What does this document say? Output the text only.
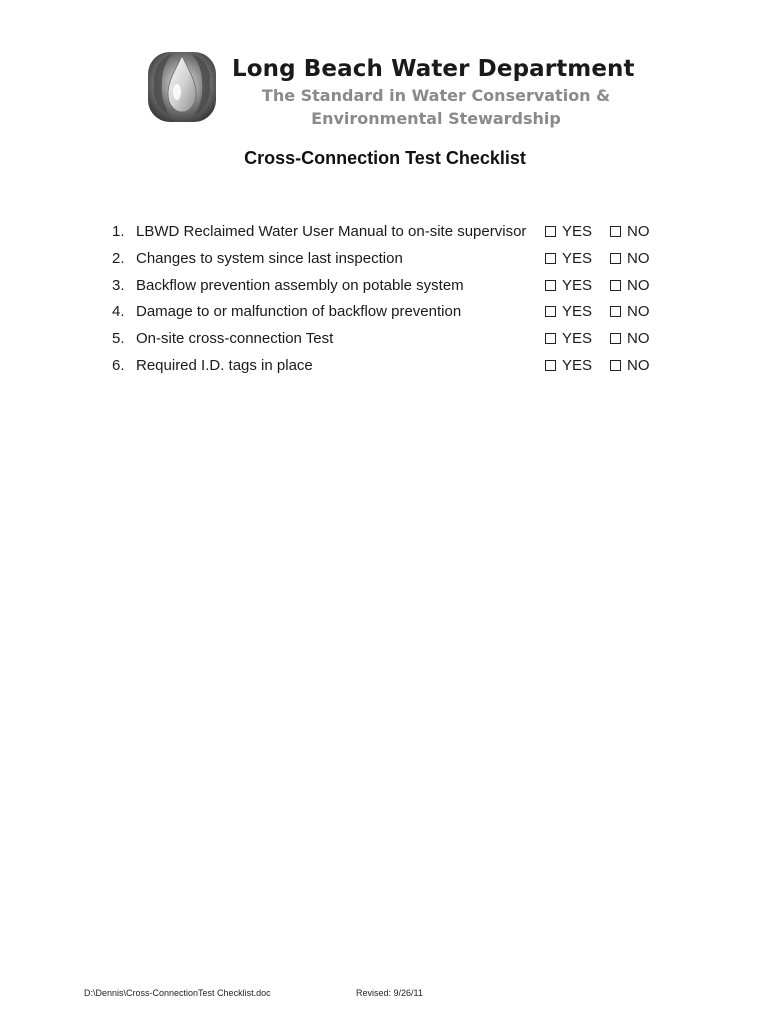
Long Beach Water Department
The Standard in Water Conservation &
Environmental Stewardship
Cross-Connection Test Checklist
1. LBWD Reclaimed Water User Manual to on-site supervisor YES NO
2. Changes to system since last inspection	YES NO
3. Backflow prevention assembly on potable system	YES NO
4. Damage to or malfunction of backflow prevention	YES NO
5. On-site cross-connection Test	YES NO
6. Required I.D. tags in place	YES NO
D:\Dennis\Cross-ConnectionTest Checklist.doc	Revised: 9/26/11
